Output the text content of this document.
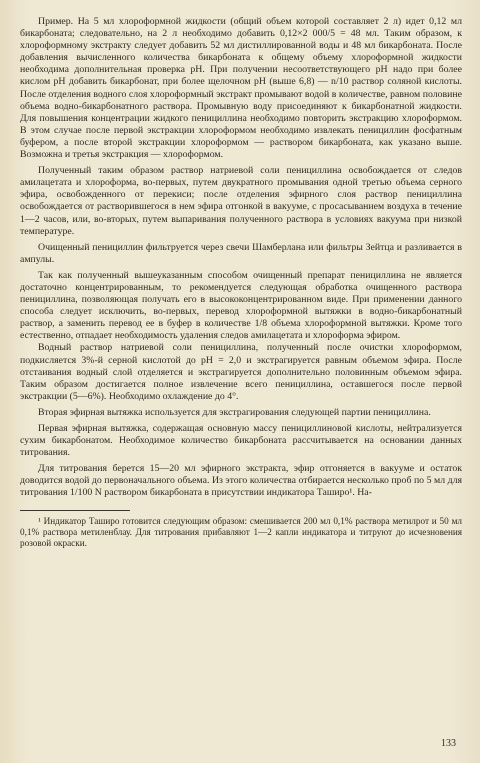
Пример. На 5 мл хлороформной жидкости (общий объем которой составляет 2 л) идет 0,12 мл бикарбоната; следовательно, на 2 л необходимо добавить 0,12×2 000/5 = 48 мл. Таким образом, к хлороформному экстракту следует добавить 52 мл дистиллированной воды и 48 мл бикарбоната. После добавления вычисленного количества бикарбоната к общему объему хлороформной жидкости необходима дополнительная проверка pH. При получении несоответствующего pH надо при более кислом pH добавить бикарбонат, при более щелочном pH (выше 6,8) — n/10 раствор соляной кислоты. После отделения водного слоя хлороформный экстракт промывают водой в количестве, равном половине объема водно-бикарбонатного раствора. Промывную воду присоединяют к бикарбонатной жидкости. Для повышения концентрации жидкого пенициллина необходимо повторить экстракцию хлороформом. В этом случае после первой экстракции хлороформом необходимо извлекать пенициллин фосфатным буфером, а после второй экстракции хлороформом — раствором бикарбоната, как указано выше. Возможна и третья экстракция — хлороформом.

Полученный таким образом раствор натриевой соли пенициллина освобождается от следов амилацетата и хлороформа, во-первых, путем двукратного промывания одной третью объема серного эфира, освобожденного от перекиси; после отделения эфирного слоя раствор пенициллина освобождается от растворившегося в нем эфира отгонкой в вакууме, с просасыванием воздуха в течение 1—2 часов, или, во-вторых, путем выпаривания полученного раствора в условиях вакуума при низкой температуре.

Очищенный пенициллин фильтруется через свечи Шамберлана или фильтры Зейтца и разливается в ампулы.

Так как полученный вышеуказанным способом очищенный препарат пенициллина не является достаточно концентрированным, то рекомендуется следующая обработка очищенного раствора пенициллина, позволяющая получать его в высококонцентрированном виде. При применении данного способа следует исключить, во-первых, перевод хлороформной вытяжки в водно-бикарбонатный раствор, а заменить перевод ее в буфер в количестве 1/8 объема хлороформной вытяжки. Кроме того естественно, отпадает необходимость удаления следов амилацетата и хлороформа эфиром.

Водный раствор натриевой соли пенициллина, полученный после очистки хлороформом, подкисляется 3%-й серной кислотой до pH = 2,0 и экстрагируется равным объемом эфира. После отстаивания водный слой отделяется и экстрагируется дополнительно половинным объемом эфира. Таким образом достигается полное извлечение всего пенициллина, оставшегося после первой экстракции (5—6%). Необходимо охлаждение до 4°.

Вторая эфирная вытяжка используется для экстрагирования следующей партии пенициллина.

Первая эфирная вытяжка, содержащая основную массу пенициллиновой кислоты, нейтрализуется сухим бикарбонатом. Необходимое количество бикарбоната рассчитывается на основании данных титрования.

Для титрования берется 15—20 мл эфирного экстракта, эфир отгоняется в вакууме и остаток доводится водой до первоначального объема. Из этого количества отбирается несколько проб по 5 мл для титрования 1/100 N раствором бикарбоната в присутствии индикатора Таширо¹. На-

¹ Индикатор Таширо готовится следующим образом: смешивается 200 мл 0,1% раствора метилрот и 50 мл 0,1% раствора метиленблау. Для титрования прибавляют 1—2 капли индикатора и титруют до исчезновения розовой окраски.

133
